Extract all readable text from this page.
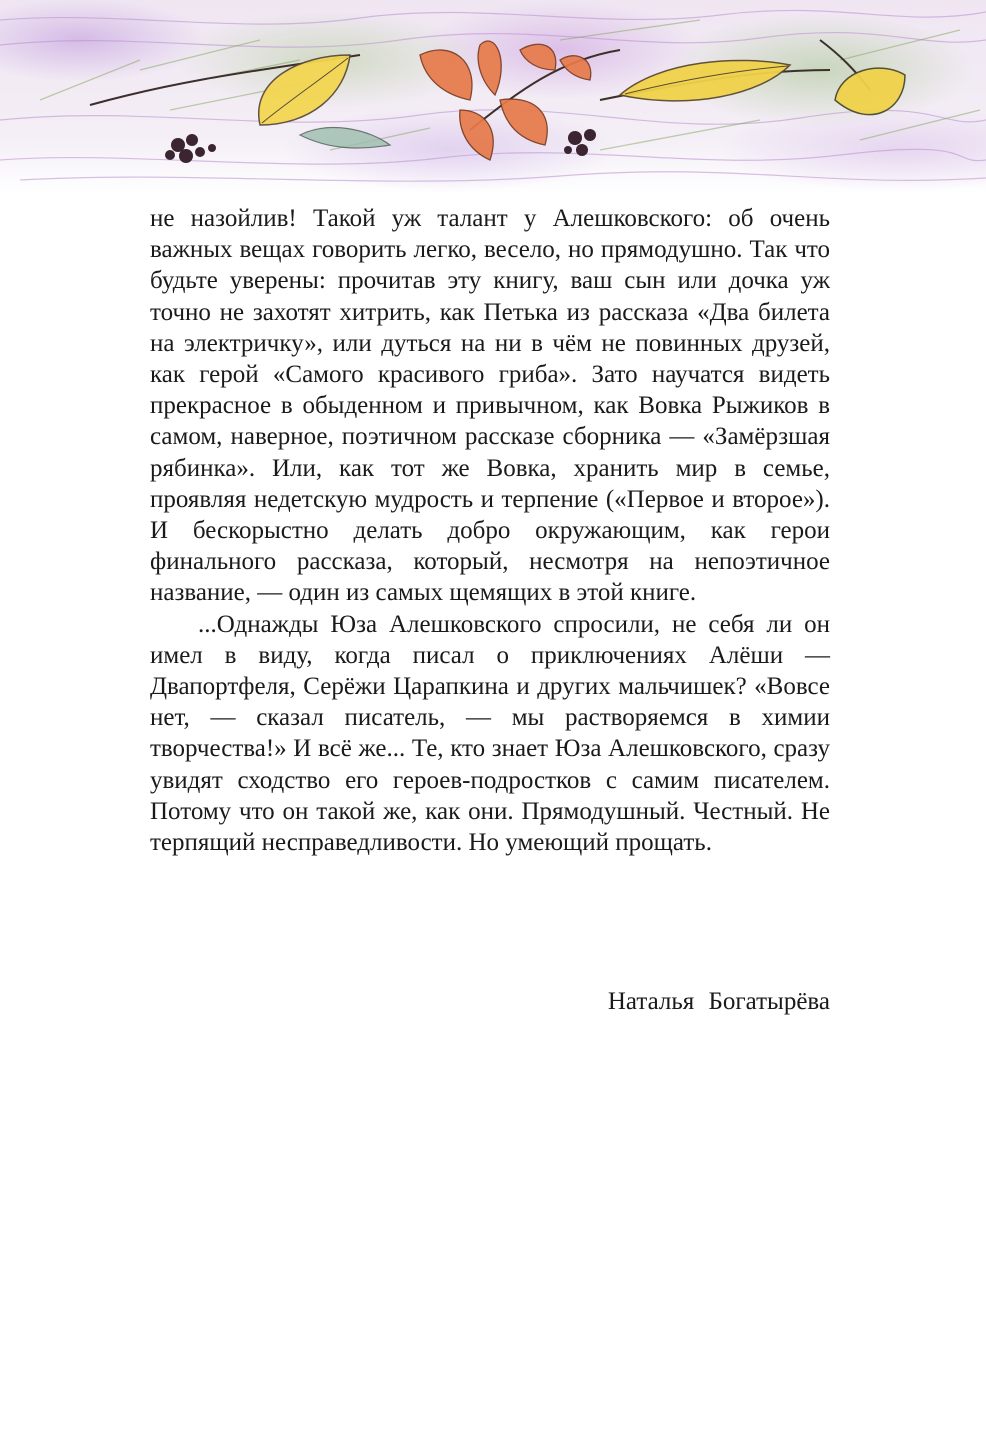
не назойлив! Такой уж талант у Алешковского: об очень важных вещах говорить легко, весело, но прямодушно. Так что будьте уверены: прочитав эту книгу, ваш сын или дочка уж точно не захотят хитрить, как Петька из рассказа «Два билета на электричку», или дуться на ни в чём не повинных друзей, как герой «Самого красивого гриба». Зато научатся видеть прекрасное в обыденном и привычном, как Вовка Рыжиков в самом, наверное, поэтичном рассказе сборника — «Замёрзшая рябинка». Или, как тот же Вовка, хранить мир в семье, проявляя недетскую мудрость и терпение («Первое и второе»). И бескорыстно делать добро окружающим, как герои финального рассказа, который, несмотря на непоэтичное название, — один из самых щемящих в этой книге.

...Однажды Юза Алешковского спросили, не себя ли он имел в виду, когда писал о приключениях Алёши — Двапортфеля, Серёжи Царапкина и других мальчишек? «Вовсе нет, — сказал писатель, — мы растворяемся в химии творчества!» И всё же... Те, кто знает Юза Алешковского, сразу увидят сходство его героев-подростков с самим писателем. Потому что он такой же, как они. Прямодушный. Честный. Не терпящий несправедливости. Но умеющий прощать.

Наталья Богатырёва
